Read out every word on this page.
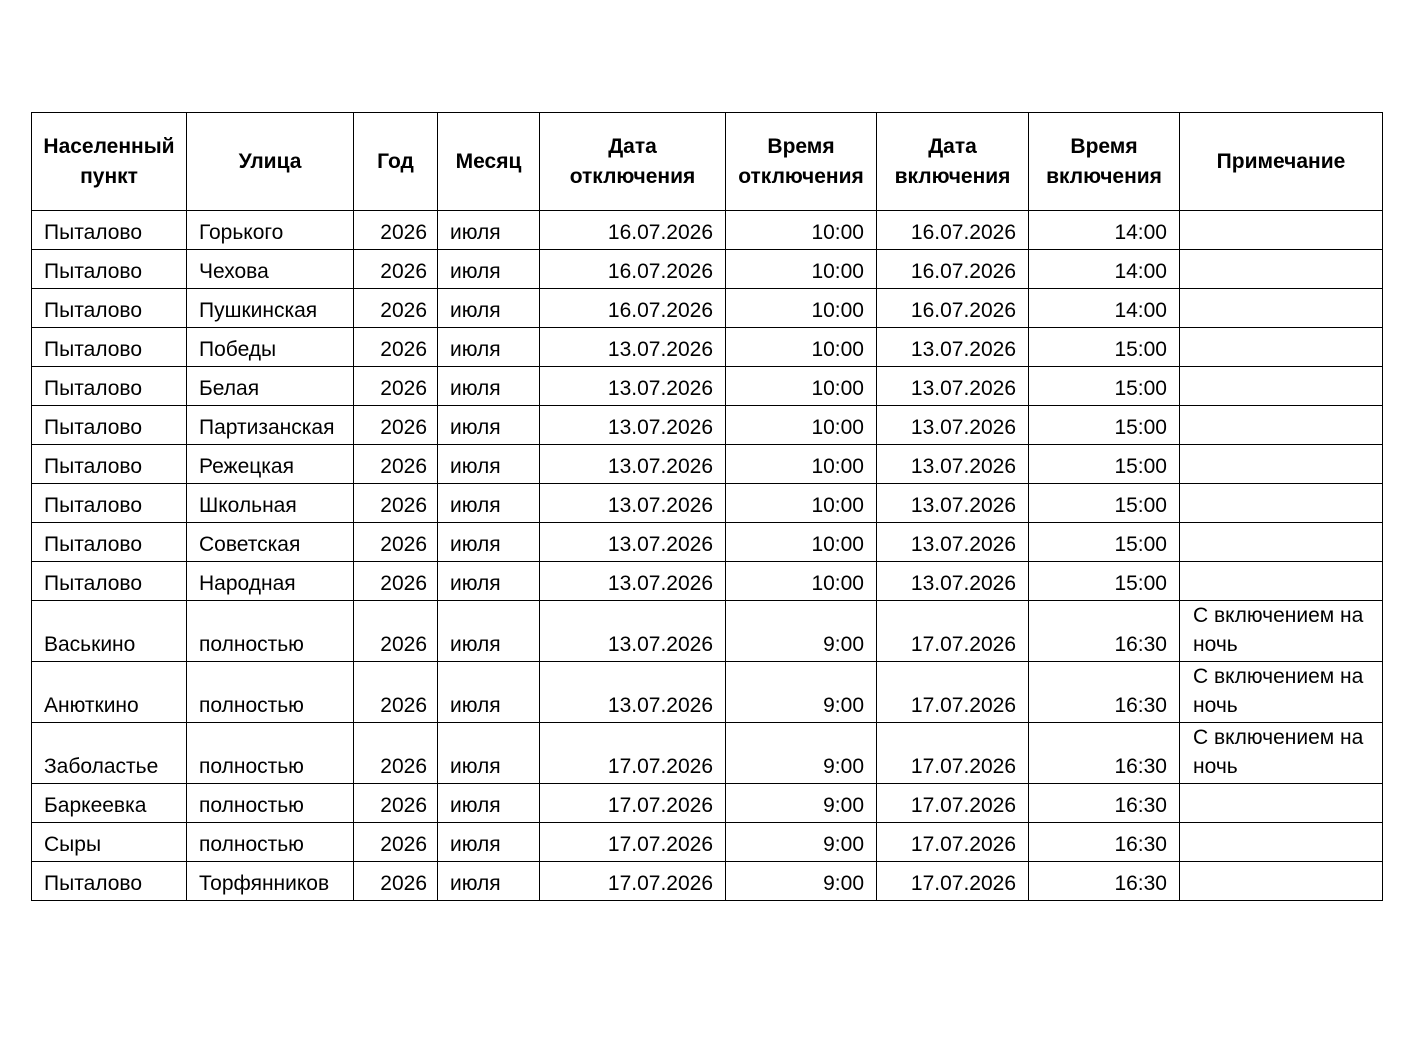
Населенный пункт	Улица	Год	Месяц	Дата отключения	Время отключения	Дата включения	Время включения	Примечание
Пыталово	Горького	2026	июля	16.07.2026	10:00	16.07.2026	14:00	
Пыталово	Чехова	2026	июля	16.07.2026	10:00	16.07.2026	14:00	
Пыталово	Пушкинская	2026	июля	16.07.2026	10:00	16.07.2026	14:00	
Пыталово	Победы	2026	июля	13.07.2026	10:00	13.07.2026	15:00	
Пыталово	Белая	2026	июля	13.07.2026	10:00	13.07.2026	15:00	
Пыталово	Партизанская	2026	июля	13.07.2026	10:00	13.07.2026	15:00	
Пыталово	Режецкая	2026	июля	13.07.2026	10:00	13.07.2026	15:00	
Пыталово	Школьная	2026	июля	13.07.2026	10:00	13.07.2026	15:00	
Пыталово	Советская	2026	июля	13.07.2026	10:00	13.07.2026	15:00	
Пыталово	Народная	2026	июля	13.07.2026	10:00	13.07.2026	15:00	
Васькино	полностью	2026	июля	13.07.2026	9:00	17.07.2026	16:30	С включением на ночь
Анюткино	полностью	2026	июля	13.07.2026	9:00	17.07.2026	16:30	С включением на ночь
Заболастье	полностью	2026	июля	17.07.2026	9:00	17.07.2026	16:30	С включением на ночь
Баркеевка	полностью	2026	июля	17.07.2026	9:00	17.07.2026	16:30	
Сыры	полностью	2026	июля	17.07.2026	9:00	17.07.2026	16:30	
Пыталово	Торфянников	2026	июля	17.07.2026	9:00	17.07.2026	16:30	
